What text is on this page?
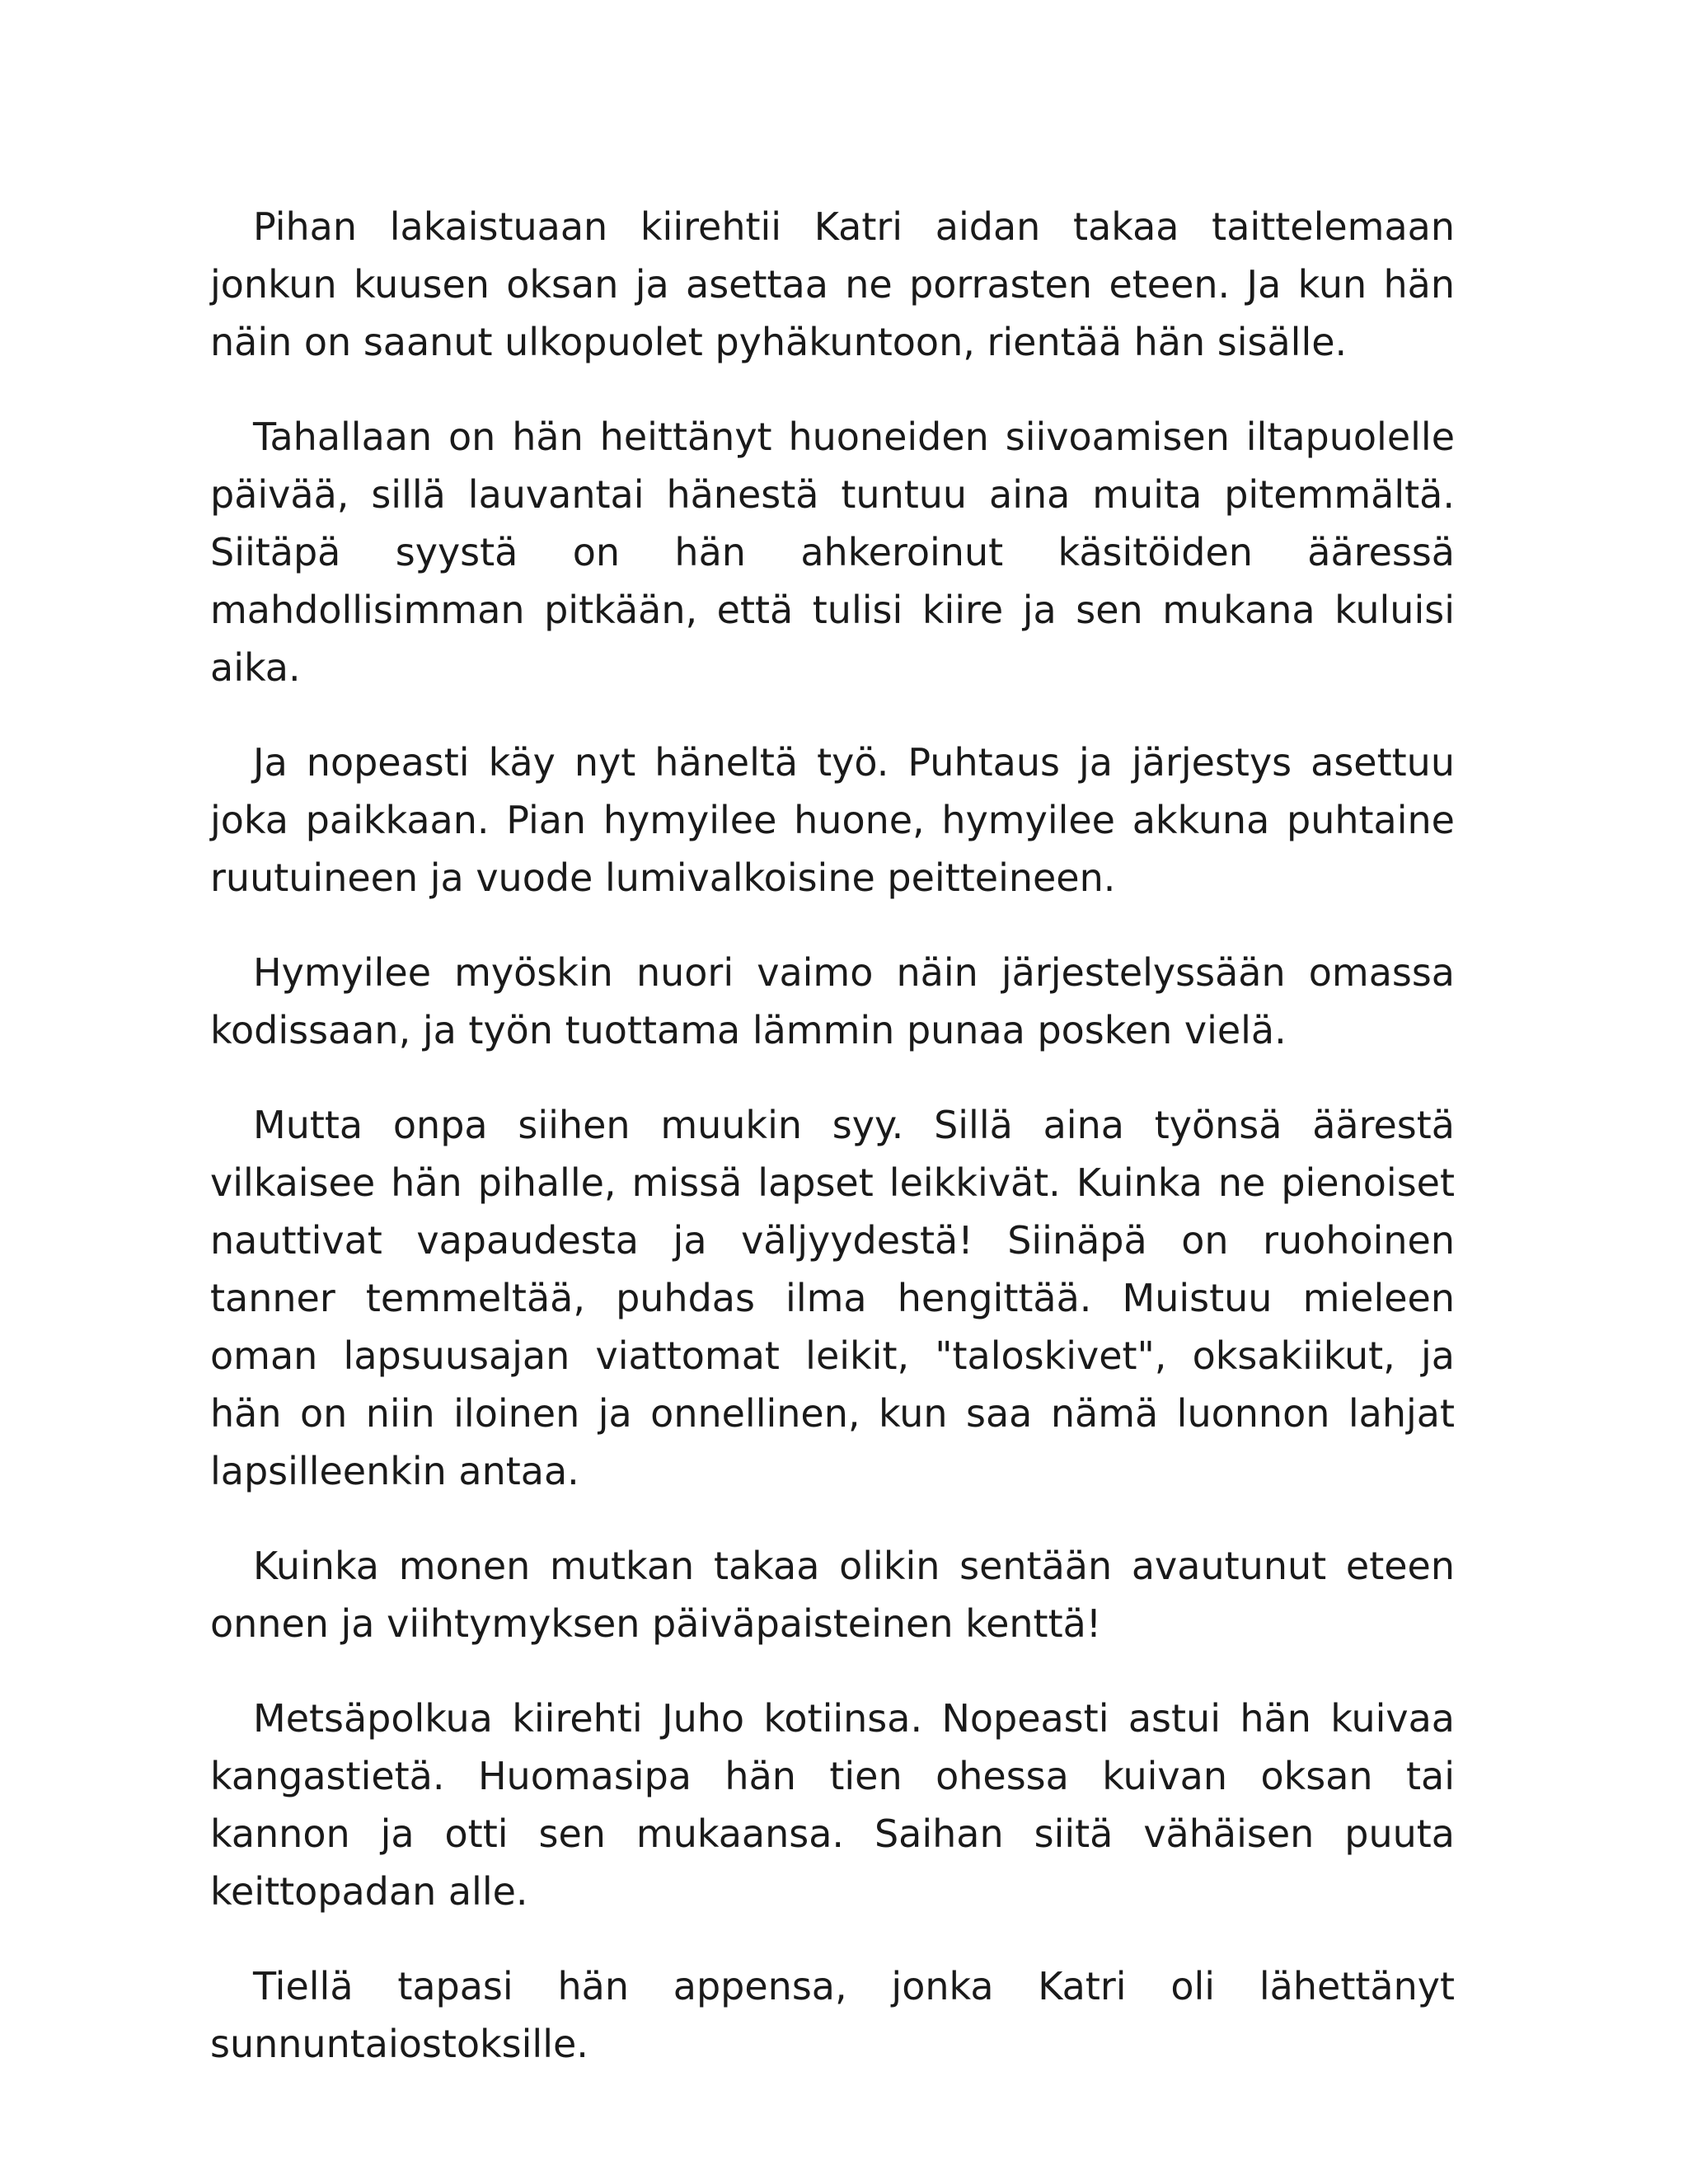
Pihan lakaistuaan kiirehtii Katri aidan takaa taittelemaan jonkun kuusen oksan ja asettaa ne porrasten eteen. Ja kun hän näin on saanut ulkopuolet pyhäkuntoon, rientää hän sisälle.

Tahallaan on hän heittänyt huoneiden siivoamisen iltapuolelle päivää, sillä lauvantai hänestä tuntuu aina muita pitemmältä. Siitäpä syystä on hän ahkeroinut käsitöiden ääressä mahdollisimman pitkään, että tulisi kiire ja sen mukana kuluisi aika.

Ja nopeasti käy nyt häneltä työ. Puhtaus ja järjestys asettuu joka paikkaan. Pian hymyilee huone, hymyilee akkuna puhtaine ruutuineen ja vuode lumivalkoisine peitteineen.

Hymyilee myöskin nuori vaimo näin järjestelyssään omassa kodissaan, ja työn tuottama lämmin punaa posken vielä.

Mutta onpa siihen muukin syy. Sillä aina työnsä äärestä vilkaisee hän pihalle, missä lapset leikkivät. Kuinka ne pienoiset nauttivat vapaudesta ja väljyydestä! Siinäpä on ruohoinen tanner temmeltää, puhdas ilma hengittää. Muistuu mieleen oman lapsuusajan viattomat leikit, "taloskivet", oksakiikut, ja hän on niin iloinen ja onnellinen, kun saa nämä luonnon lahjat lapsilleenkin antaa.

Kuinka monen mutkan takaa olikin sentään avautunut eteen onnen ja viihtymyksen päiväpaisteinen kenttä!

Metsäpolkua kiirehti Juho kotiinsa. Nopeasti astui hän kuivaa kangastietä. Huomasipa hän tien ohessa kuivan oksan tai kannon ja otti sen mukaansa. Saihan siitä vähäisen puuta keittopadan alle.

Tiellä tapasi hän appensa, jonka Katri oli lähettänyt sunnuntaiostoksille.
